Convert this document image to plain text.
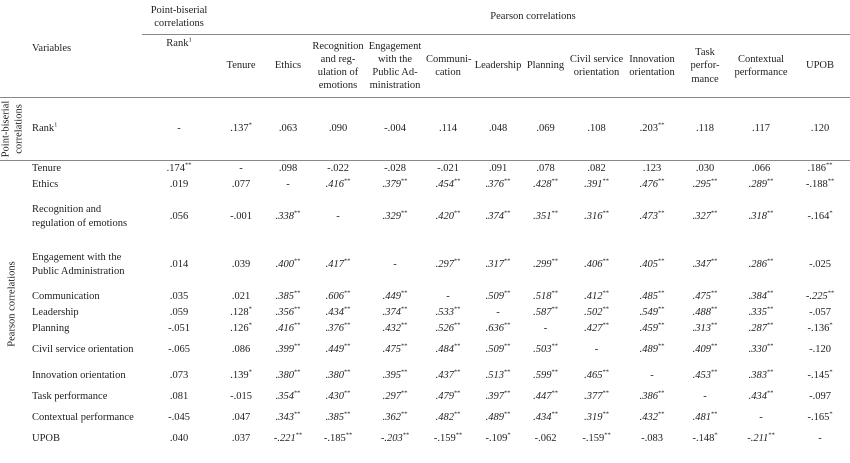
Variables		Point-biserial correlations	Pearson correlations											
		Rank$^1$	Tenure	Ethics	Recognition
and reg-
ulation of
emotions	Engagement
with the
Public Ad-
ministration	Communi-
cation	Leadership	Planning	Civil service
orientation	Innovation
orientation	Task perfor-
mance	Contextual
performance	UPOB

Point-biserial correlations	Rank$^1$	-	.137*	.063	.090	-.004	.114	.048	.069	.108	.203**	.118	.117	.120

Pearson correlations	Tenure	.174**	-	.098	-.022	-.028	-.021	.091	.078	.082	.123	.030	.066	.186**
	Ethics	.019	.077	-	.416**	.379**	.454**	.376**	.428**	.391**	.476**	.295**	.289**	-.188**
	Recognition and regulation of emotions	.056	-.001	.338**	-	.329**	.420**	.374**	.351**	.316**	.473**	.327**	.318**	-.164*
	Engagement with the Public Administration	.014	.039	.400**	.417**	-	.297**	.317**	.299**	.406**	.405**	.347**	.286**	-.025
	Communication	.035	.021	.385**	.606**	.449**	-	.509**	.518**	.412**	.485**	.475**	.384**	-.225**
	Leadership	.059	.128*	.356**	.434**	.374**	.533**	-	.587**	.502**	.549**	.488**	.335**	-.057
	Planning	-.051	.126*	.416**	.376**	.432**	.526**	.636**	-	.427**	.459**	.313**	.287**	-.136*
	Civil service orientation	-.065	.086	.399**	.449**	.475**	.484**	.509**	.503**	-	.489**	.409**	.330**	-.120
	Innovation orientation	.073	.139*	.380**	.380**	.395**	.437**	.513**	.599**	.465**	-	.453**	.383**	-.145*
	Task performance	.081	-.015	.354**	.430**	.297**	.479**	.397**	.447**	.377**	.386**	-	.434**	-.097
	Contextual performance	-.045	.047	.343**	.385**	.362**	.482**	.489**	.434**	.319**	.432**	.481**	-	-.165*
	UPOB	.040	.037	-.221**	-.185**	-.203**	-.159**	-.109*	-.062	-.159**	-.083	-.148*	-.211**	-
